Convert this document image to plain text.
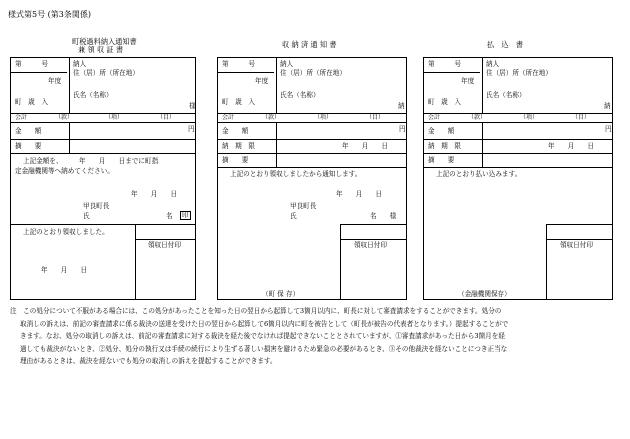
様式第5号 (第3条関係)
町税過料納入通知書
兼 領 収 証 書
収 納 済 通 知 書	払　込　書
第　　　号
年度
町　歳　入
納人
住（居）所（所在地）
氏名（名称）
様
会計	（款）	（項）	（目）
金　　額	円
摘　　要
上記金額を、　　　年　　月　　日までに町指
定金融機関等へ納めてください。
年　　月　　日
甲良町長
氏	名	印
上記のとおり領収しました。
領収日付印
年　　月　　日
第　　　号
年度
町　歳　入
納人
住（居）所（所在地）
氏名（名称）
納
会計	（款）	（項）	（目）
金　　額	円
納　期　限	年　　月　　日
摘　　要
上記のとおり領収しましたから通知します。
年　　月　　日
甲良町長
氏	名　　様
領収日付印
（町 保 存）
第　　　号
年度
町　歳　入
納人
住（居）所（所在地）
氏名（名称）
納
会計	（款）	（項）	（目）
金　　額	円
納　期　限	年　　月　　日
摘　　要
上記のとおり払い込みます。
領収日付印
（金融機関保存）

注　この処分について不服がある場合には、この処分があったことを知った日の翌日から起算して3箇月以内に、町長に対して審査請求をすることができます。処分の

取消しの訴えは、前記の審査請求に係る裁決の送達を受けた日の翌日から起算して6箇月以内に町を被告として（町長が被告の代表者となります。）提起することがで

きます。なお、処分の取消しの訴えは、前記の審査請求に対する裁決を経た後でなければ提起できないこととされていますが、①審査請求があった日から3箇月を経

過しても裁決がないとき、②処分、処分の執行又は手続の続行により生ずる著しい損害を避けるため緊急の必要があるとき、③その他裁決を経ないことにつき正当な

理由があるときは、裁決を経ないでも処分の取消しの訴えを提起することができます。
